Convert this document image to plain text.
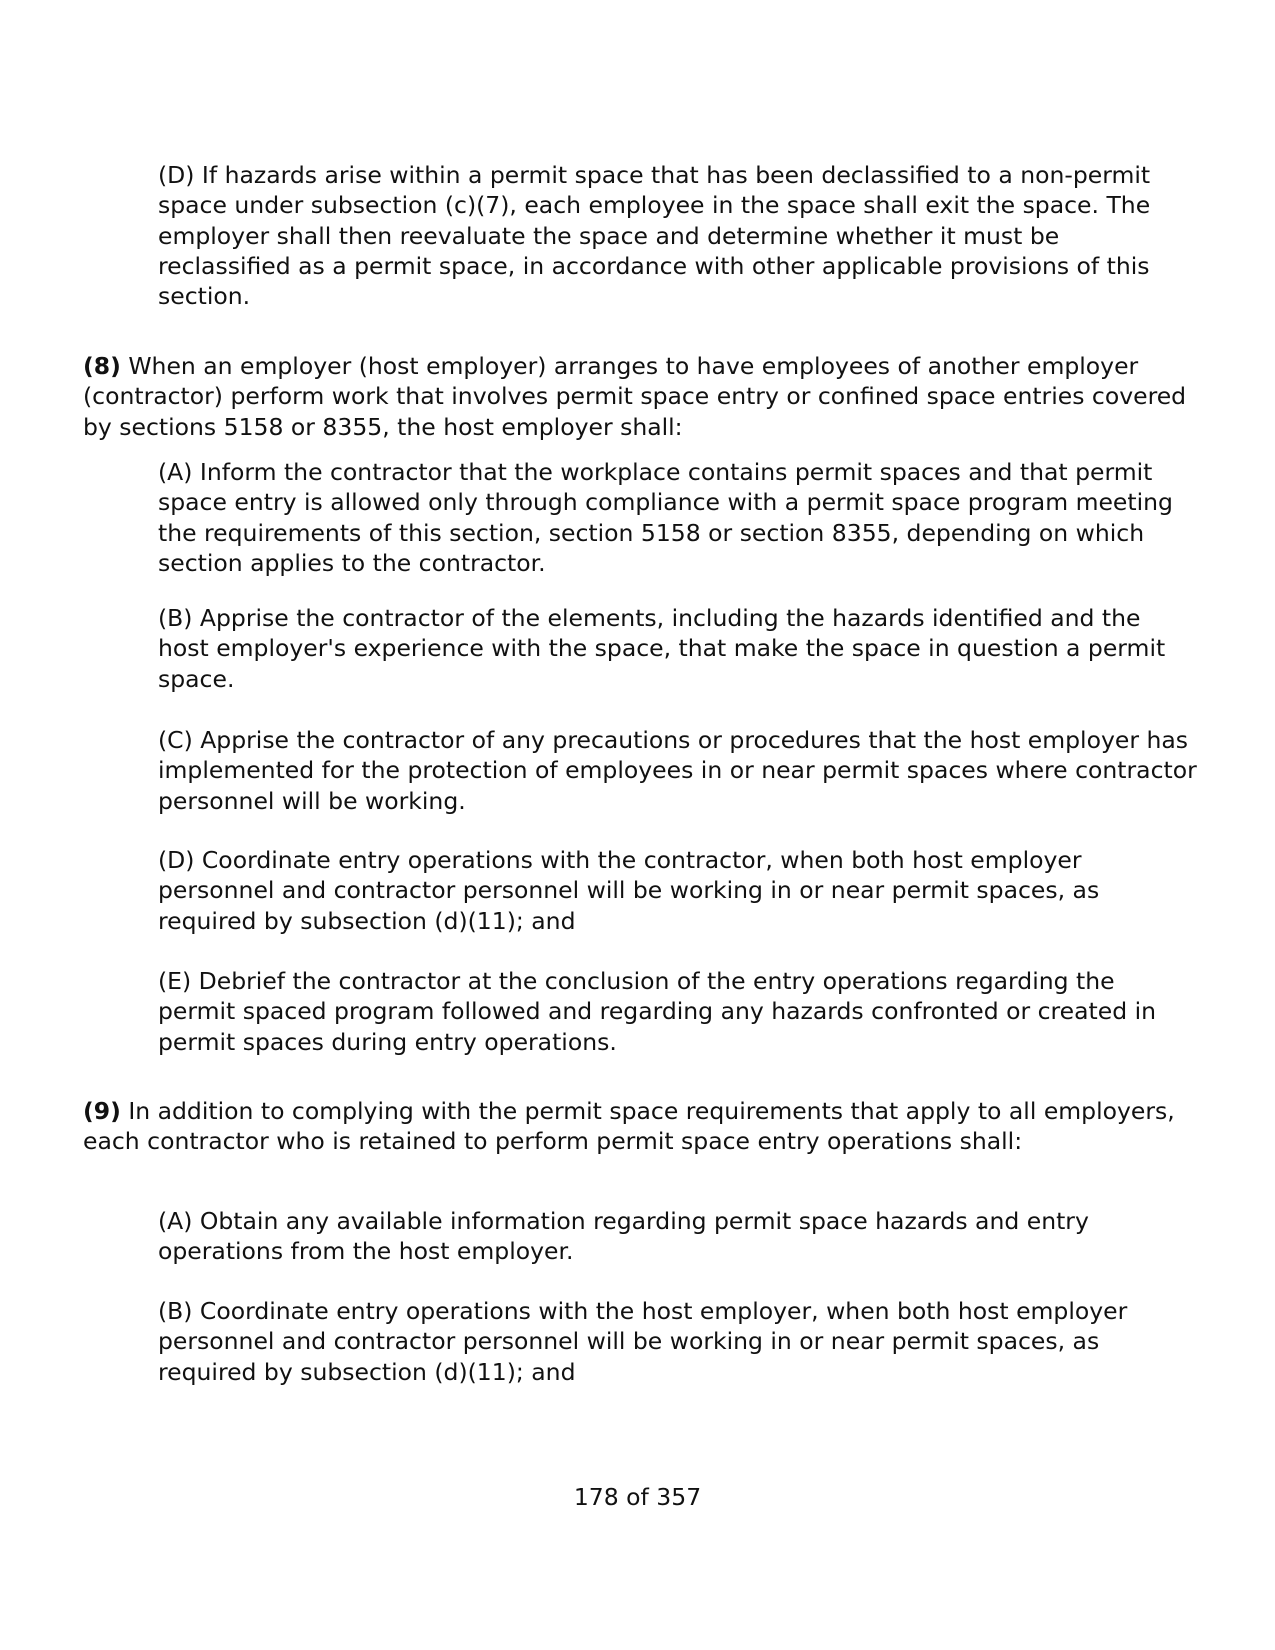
(D) If hazards arise within a permit space that has been declassified to a non-permit space under subsection (c)(7), each employee in the space shall exit the space. The employer shall then reevaluate the space and determine whether it must be reclassified as a permit space, in accordance with other applicable provisions of this section.

(8) When an employer (host employer) arranges to have employees of another employer (contractor) perform work that involves permit space entry or confined space entries covered by sections 5158 or 8355, the host employer shall:

(A) Inform the contractor that the workplace contains permit spaces and that permit space entry is allowed only through compliance with a permit space program meeting the requirements of this section, section 5158 or section 8355, depending on which section applies to the contractor.

(B) Apprise the contractor of the elements, including the hazards identified and the host employer's experience with the space, that make the space in question a permit space.

(C) Apprise the contractor of any precautions or procedures that the host employer has implemented for the protection of employees in or near permit spaces where contractor personnel will be working.

(D) Coordinate entry operations with the contractor, when both host employer personnel and contractor personnel will be working in or near permit spaces, as required by subsection (d)(11); and

(E) Debrief the contractor at the conclusion of the entry operations regarding the permit spaced program followed and regarding any hazards confronted or created in permit spaces during entry operations.

(9) In addition to complying with the permit space requirements that apply to all employers, each contractor who is retained to perform permit space entry operations shall:

(A) Obtain any available information regarding permit space hazards and entry operations from the host employer.

(B) Coordinate entry operations with the host employer, when both host employer personnel and contractor personnel will be working in or near permit spaces, as required by subsection (d)(11); and

178 of 357
